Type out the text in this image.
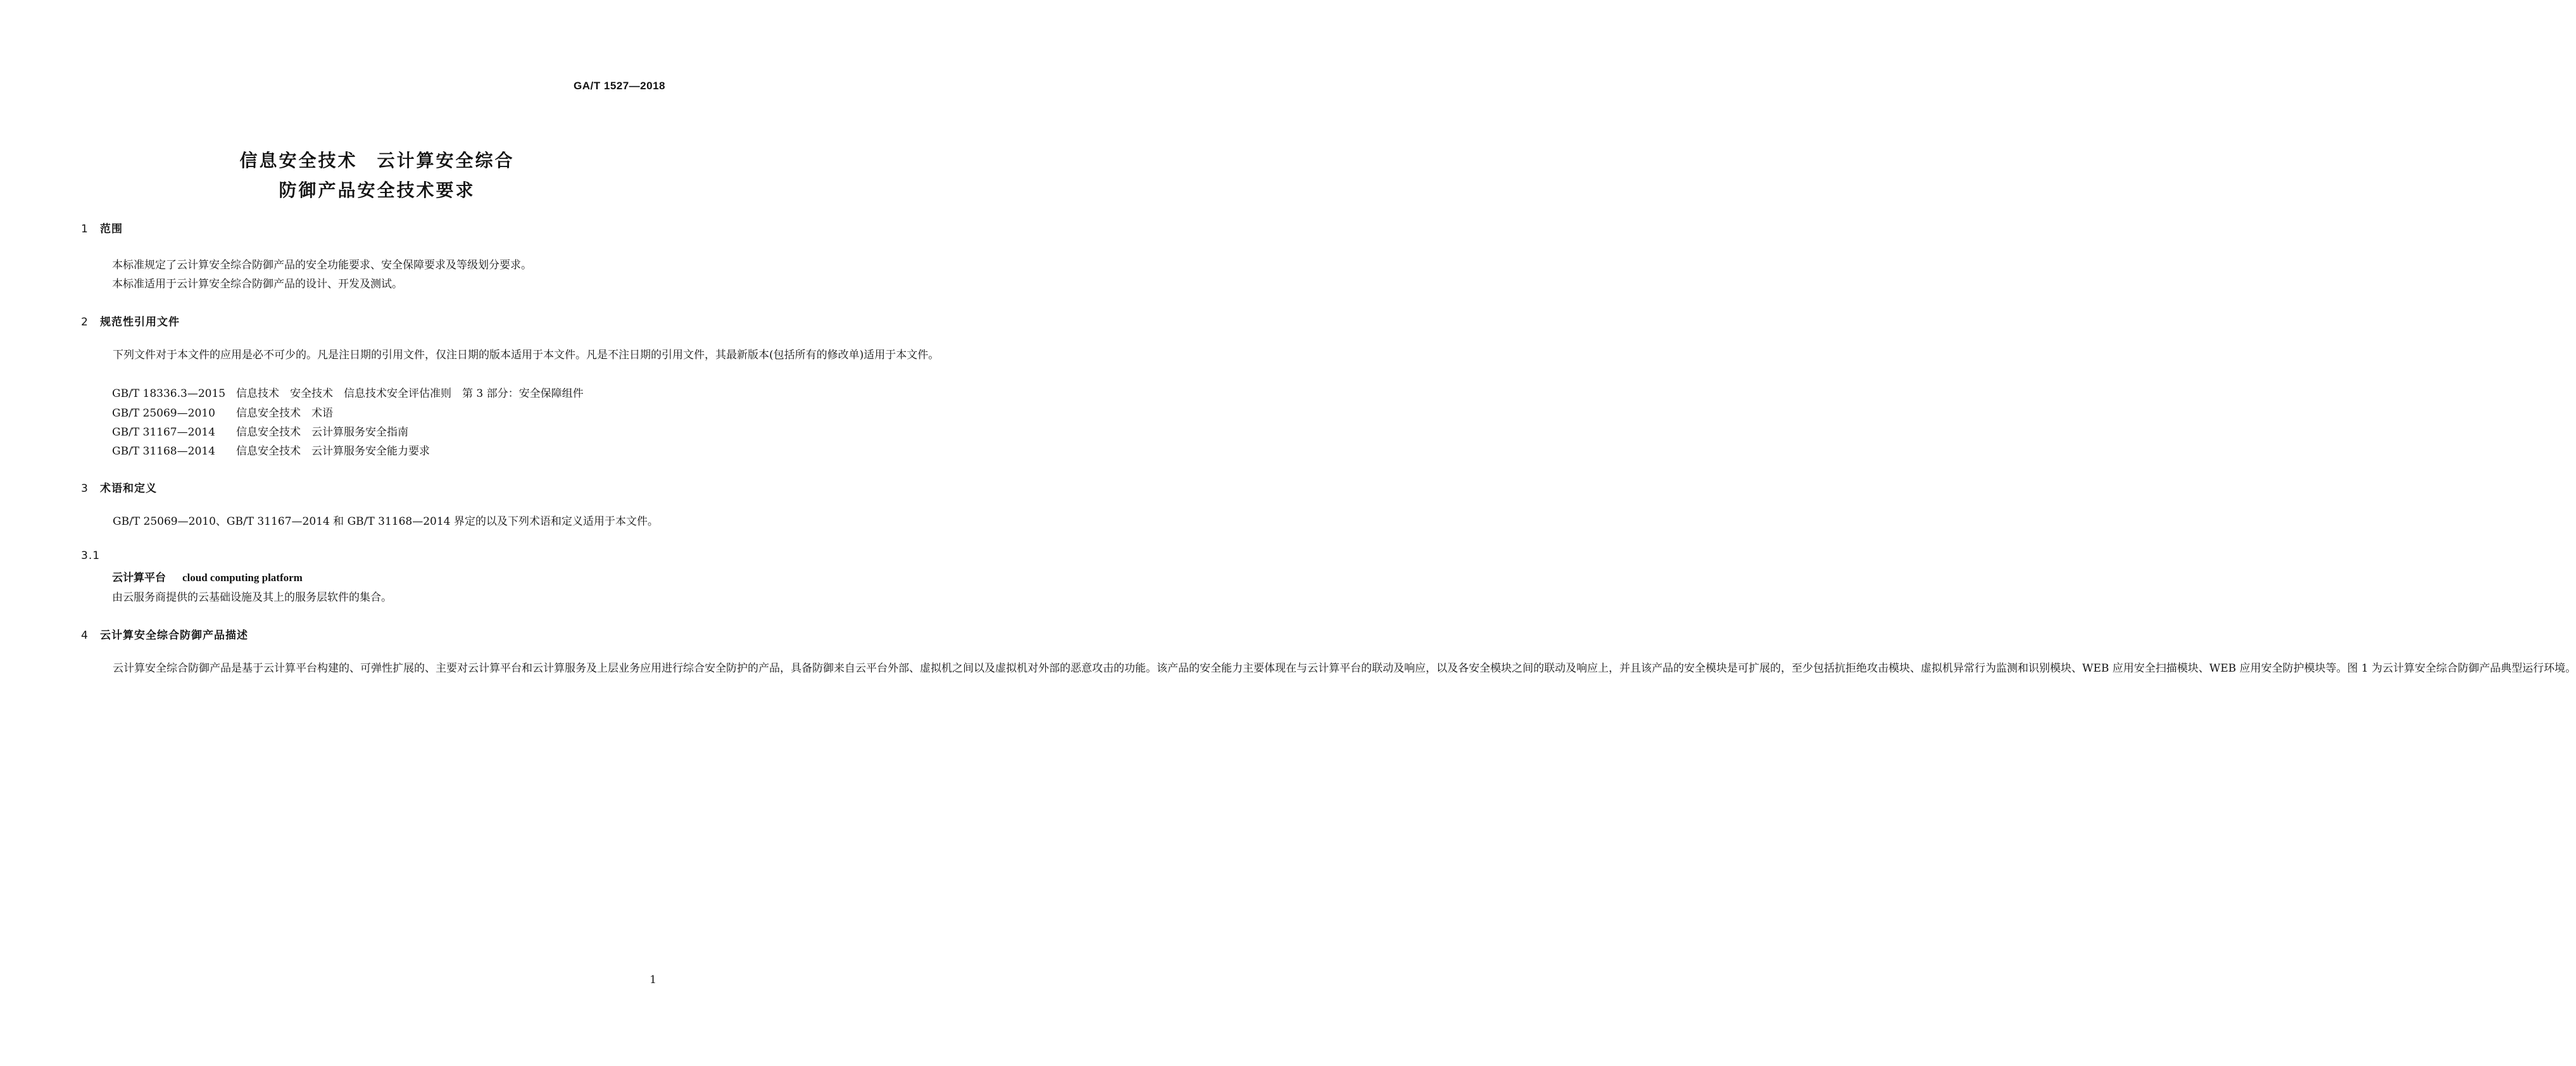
GA/T 1527—2018
信息安全技术　云计算安全综合
防御产品安全技术要求
1 范围
本标准规定了云计算安全综合防御产品的安全功能要求、安全保障要求及等级划分要求。
本标准适用于云计算安全综合防御产品的设计、开发及测试。
2 规范性引用文件

下列文件对于本文件的应用是必不可少的。凡是注日期的引用文件，仅注日期的版本适用于本文件。凡是不注日期的引用文件，其最新版本(包括所有的修改单)适用于本文件。

GB/T 18336.3—2015 信息技术　安全技术　信息技术安全评估准则　第 3 部分：安全保障组件
GB/T 25069—2010 信息安全技术　术语
GB/T 31167—2014 信息安全技术　云计算服务安全指南
GB/T 31168—2014 信息安全技术　云计算服务安全能力要求
3 术语和定义

GB/T 25069—2010、GB/T 31167—2014 和 GB/T 31168—2014 界定的以及下列术语和定义适用于本文件。

3.1
云计算平台 cloud computing platform
由云服务商提供的云基础设施及其上的服务层软件的集合。
4 云计算安全综合防御产品描述

云计算安全综合防御产品是基于云计算平台构建的、可弹性扩展的、主要对云计算平台和云计算服务及上层业务应用进行综合安全防护的产品，具备防御来自云平台外部、虚拟机之间以及虚拟机对外部的恶意攻击的功能。该产品的安全能力主要体现在与云计算平台的联动及响应，以及各安全模块之间的联动及响应上，并且该产品的安全模块是可扩展的，至少包括抗拒绝攻击模块、虚拟机异常行为监测和识别模块、WEB 应用安全扫描模块、WEB 应用安全防护模块等。图 1 为云计算安全综合防御产品典型运行环境。

1
